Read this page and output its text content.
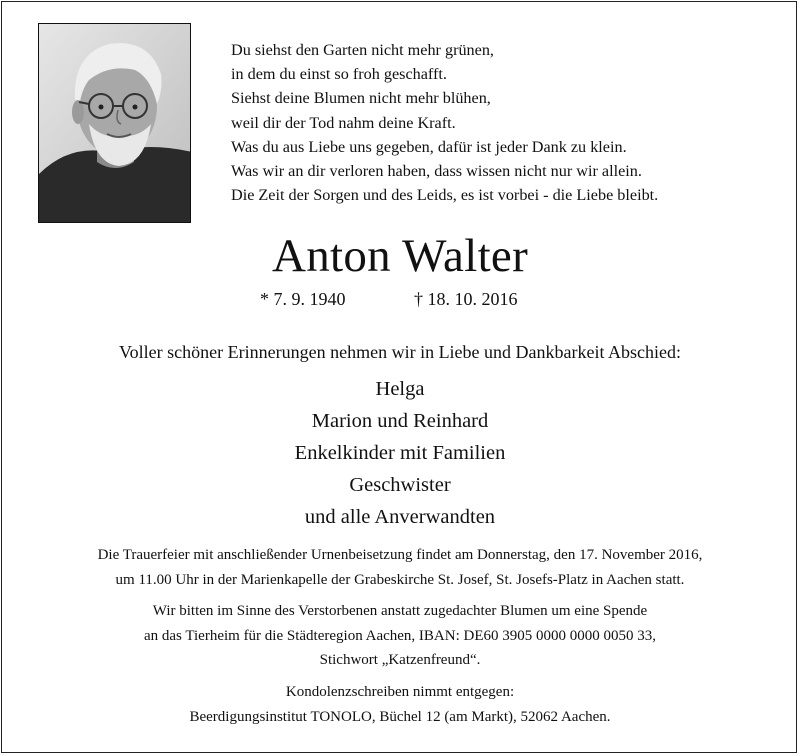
Du siehst den Garten nicht mehr grünen,
in dem du einst so froh geschafft.
Siehst deine Blumen nicht mehr blühen,
weil dir der Tod nahm deine Kraft.
Was du aus Liebe uns gegeben, dafür ist jeder Dank zu klein.
Was wir an dir verloren haben, dass wissen nicht nur wir allein.
Die Zeit der Sorgen und des Leids, es ist vorbei - die Liebe bleibt.
Anton Walter
* 7. 9. 1940	† 18. 10. 2016
Voller schöner Erinnerungen nehmen wir in Liebe und Dankbarkeit Abschied:
Helga
Marion und Reinhard
Enkelkinder mit Familien
Geschwister
und alle Anverwandten
Die Trauerfeier mit anschließender Urnenbeisetzung findet am Donnerstag, den 17. November 2016,
um 11.00 Uhr in der Marienkapelle der Grabeskirche St. Josef, St. Josefs-Platz in Aachen statt.
Wir bitten im Sinne des Verstorbenen anstatt zugedachter Blumen um eine Spende
an das Tierheim für die Städteregion Aachen, IBAN: DE60 3905 0000 0000 0050 33,
Stichwort „Katzenfreund“.
Kondolenzschreiben nimmt entgegen:
Beerdigungsinstitut TONOLO, Büchel 12 (am Markt), 52062 Aachen.
